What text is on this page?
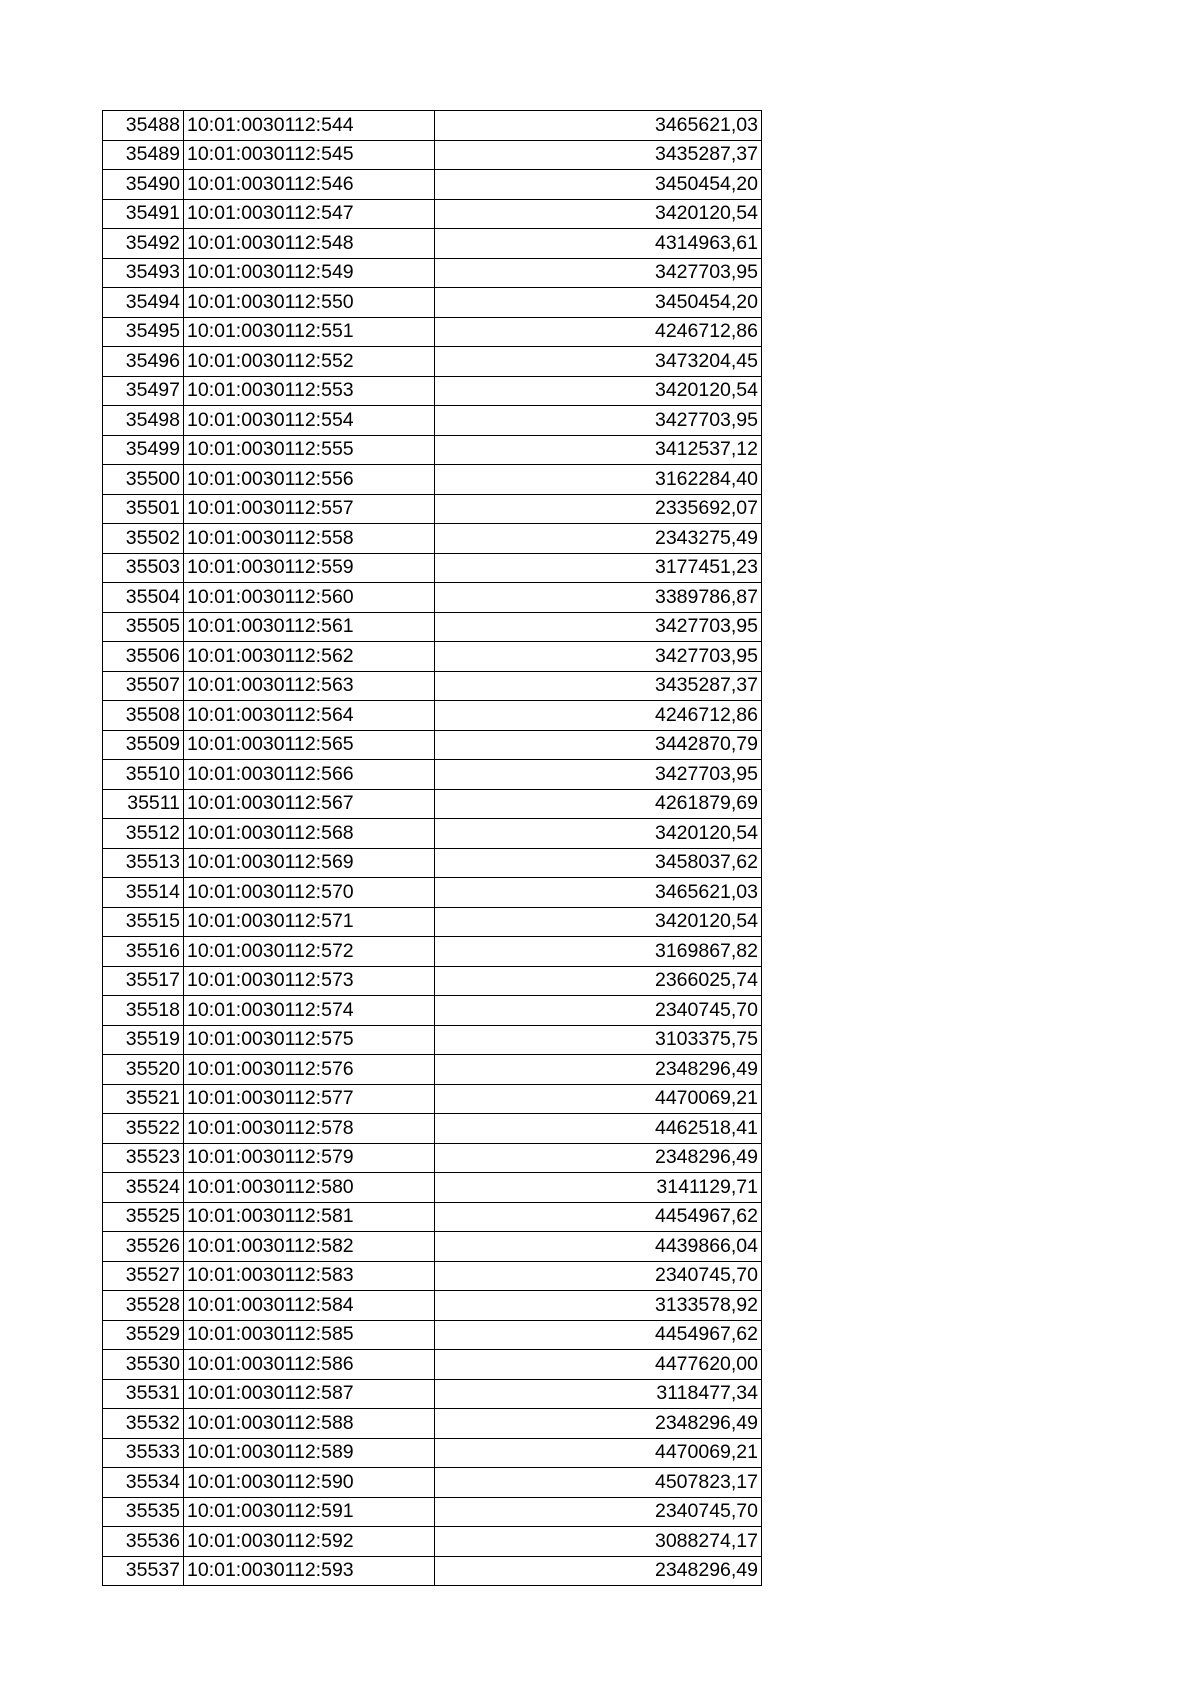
35488	10:01:0030112:544	3465621,03
35489	10:01:0030112:545	3435287,37
35490	10:01:0030112:546	3450454,20
35491	10:01:0030112:547	3420120,54
35492	10:01:0030112:548	4314963,61
35493	10:01:0030112:549	3427703,95
35494	10:01:0030112:550	3450454,20
35495	10:01:0030112:551	4246712,86
35496	10:01:0030112:552	3473204,45
35497	10:01:0030112:553	3420120,54
35498	10:01:0030112:554	3427703,95
35499	10:01:0030112:555	3412537,12
35500	10:01:0030112:556	3162284,40
35501	10:01:0030112:557	2335692,07
35502	10:01:0030112:558	2343275,49
35503	10:01:0030112:559	3177451,23
35504	10:01:0030112:560	3389786,87
35505	10:01:0030112:561	3427703,95
35506	10:01:0030112:562	3427703,95
35507	10:01:0030112:563	3435287,37
35508	10:01:0030112:564	4246712,86
35509	10:01:0030112:565	3442870,79
35510	10:01:0030112:566	3427703,95
35511	10:01:0030112:567	4261879,69
35512	10:01:0030112:568	3420120,54
35513	10:01:0030112:569	3458037,62
35514	10:01:0030112:570	3465621,03
35515	10:01:0030112:571	3420120,54
35516	10:01:0030112:572	3169867,82
35517	10:01:0030112:573	2366025,74
35518	10:01:0030112:574	2340745,70
35519	10:01:0030112:575	3103375,75
35520	10:01:0030112:576	2348296,49
35521	10:01:0030112:577	4470069,21
35522	10:01:0030112:578	4462518,41
35523	10:01:0030112:579	2348296,49
35524	10:01:0030112:580	3141129,71
35525	10:01:0030112:581	4454967,62
35526	10:01:0030112:582	4439866,04
35527	10:01:0030112:583	2340745,70
35528	10:01:0030112:584	3133578,92
35529	10:01:0030112:585	4454967,62
35530	10:01:0030112:586	4477620,00
35531	10:01:0030112:587	3118477,34
35532	10:01:0030112:588	2348296,49
35533	10:01:0030112:589	4470069,21
35534	10:01:0030112:590	4507823,17
35535	10:01:0030112:591	2340745,70
35536	10:01:0030112:592	3088274,17
35537	10:01:0030112:593	2348296,49
